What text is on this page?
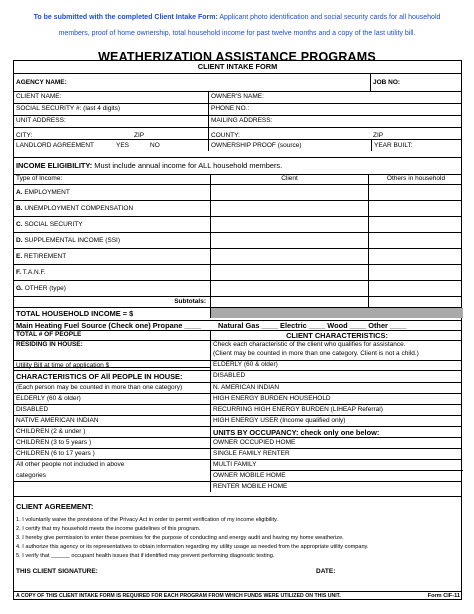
To be submitted with the completed Client Intake Form: Applicant photo identification and social security cards for all household
members, proof of home ownership, total household income for past twelve months and a copy of the last utility bill.
WEATHERIZATION ASSISTANCE PROGRAMS
CLIENT INTAKE FORM
AGENCY NAME:	JOB NO:
CLIENT NAME:	OWNER'S NAME:
SOCIAL SECURITY #: (last 4 digits)	PHONE NO.:
UNIT ADDRESS:	MAILING ADDRESS:
CITY:	ZIP	COUNTY:	ZIP
LANDLORD AGREEMENT	YES	NO	OWNERSHIP PROOF (source)	YEAR BUILT:
INCOME ELIGIBILITY: Must include annual income for ALL household members.
Type of Income:	Client	Others in household
A. EMPLOYMENT
B. UNEMPLOYMENT COMPENSATION
C. SOCIAL SECURITY
D. SUPPLEMENTAL INCOME (SSI)
E. RETIREMENT
F. T.A.N.F.
G. OTHER (type)
Subtotals:
TOTAL HOUSEHOLD INCOME = $
Main Heating Fuel Source (Check one) Propane ____	Natural Gas ____ Electric ____ Wood ____ Other ____
TOTAL # OF PEOPLE	CLIENT CHARACTERISTICS:
RESIDING IN HOUSE:	Check each characteristic of the client who qualifies for assistance.
(Client may be counted in more than one category. Client is not a child.)
Utility Bill at time of application $	ELDERLY (60 & older)
CHARACTERISTICS OF All PEOPLE IN HOUSE:	DISABLED
(Each person may be counted in more than one category)	N. AMERICAN INDIAN
ELDERLY (60 & older)	HIGH ENERGY BURDEN HOUSEHOLD
DISABLED	RECURRING HIGH ENERGY BURDEN (LIHEAP Referral)
NATIVE AMERICAN INDIAN	HIGH ENERGY USER (Income qualified only)
CHILDREN (2 & under )	UNITS BY OCCUPANCY: check only one below:
CHILDREN (3 to 5 years )	OWNER OCCUPIED HOME
CHILDREN (6 to 17 years )	SINGLE FAMILY RENTER
All other people not included in above	MULTI FAMILY
categories	OWNER MOBILE HOME
RENTER MOBILE HOME
CLIENT AGREEMENT:
1. I voluntarily waive the provisions of the Privacy Act in order to permit verification of my income eligibility.
2. I certify that my household meets the income guidelines of this program.
3. I hereby give permission to enter these premises for the purpose of conducting and energy audit and having my home weatherize.
4. I authorize this agency or its representatives to obtain information regarding my utility usage as needed from the appropriate utility company.
5. I verify that ______ occupant health issues that if identified may prevent performing diagnostic testing.
THIS CLIENT SIGNATURE:	DATE:
A COPY OF THIS CLIENT INTAKE FORM IS REQUIRED FOR EACH PROGRAM FROM WHICH FUNDS WERE UTILIZED ON THIS UNIT.	Form CIF-11
